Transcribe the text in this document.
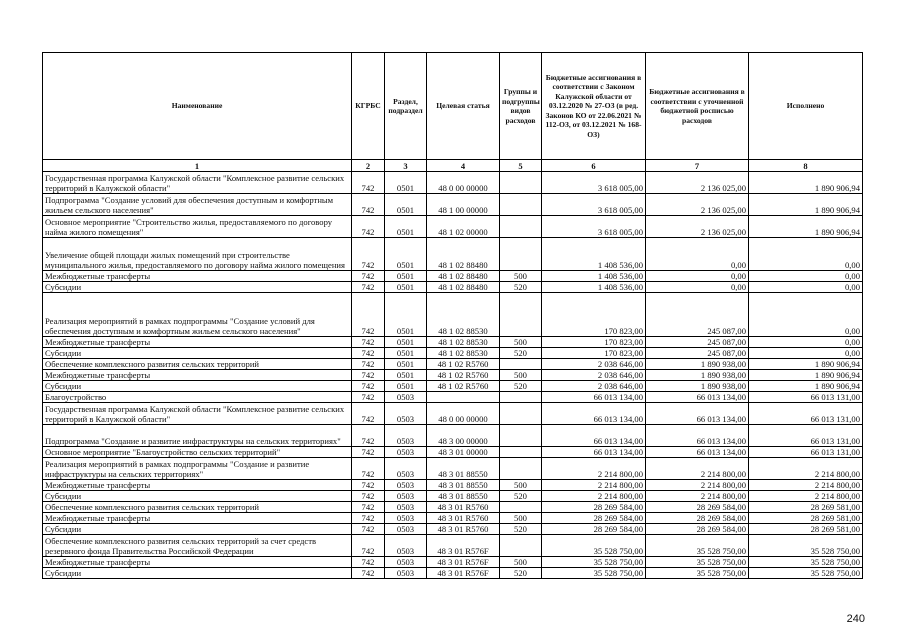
Наименование	КГРБС	Раздел, подраздел	Целевая статья	Группы и подгруппы видов расходов	Бюджетные ассигнования в соответствии с Законом Калужской области от 03.12.2020 № 27-ОЗ (в ред. Законов КО от 22.06.2021 № 112-ОЗ, от 03.12.2021 № 168-ОЗ)	Бюджетные ассигнования в соответствии с уточненной бюджетной росписью расходов	Исполнено
1	2	3	4	5	6	7	8
Государственная программа Калужской области "Комплексное развитие сельских территорий в Калужской области"	742	0501	48 0 00 00000		3 618 005,00	2 136 025,00	1 890 906,94
Подпрограмма "Создание условий для обеспечения доступным и комфортным жильем сельского населения"	742	0501	48 1 00 00000		3 618 005,00	2 136 025,00	1 890 906,94
Основное мероприятие "Строительство жилья, предоставляемого по договору найма жилого помещения"	742	0501	48 1 02 00000		3 618 005,00	2 136 025,00	1 890 906,94
Увеличение общей площади жилых помещений при строительстве муниципального жилья, предоставляемого по договору найма жилого помещения	742	0501	48 1 02 88480		1 408 536,00	0,00	0,00
Межбюджетные трансферты	742	0501	48 1 02 88480	500	1 408 536,00	0,00	0,00
Субсидии	742	0501	48 1 02 88480	520	1 408 536,00	0,00	0,00
Реализация мероприятий в рамках подпрограммы "Создание условий для обеспечения доступным и комфортным жильем сельского населения"	742	0501	48 1 02 88530		170 823,00	245 087,00	0,00
Межбюджетные трансферты	742	0501	48 1 02 88530	500	170 823,00	245 087,00	0,00
Субсидии	742	0501	48 1 02 88530	520	170 823,00	245 087,00	0,00
Обеспечение комплексного развития сельских территорий	742	0501	48 1 02 R5760		2 038 646,00	1 890 938,00	1 890 906,94
Межбюджетные трансферты	742	0501	48 1 02 R5760	500	2 038 646,00	1 890 938,00	1 890 906,94
Субсидии	742	0501	48 1 02 R5760	520	2 038 646,00	1 890 938,00	1 890 906,94
Благоустройство	742	0503			66 013 134,00	66 013 134,00	66 013 131,00
Государственная программа Калужской области "Комплексное развитие сельских территорий в Калужской области"	742	0503	48 0 00 00000		66 013 134,00	66 013 134,00	66 013 131,00
Подпрограмма "Создание и развитие инфраструктуры на сельских территориях"	742	0503	48 3 00 00000		66 013 134,00	66 013 134,00	66 013 131,00
Основное мероприятие "Благоустройство сельских территорий"	742	0503	48 3 01 00000		66 013 134,00	66 013 134,00	66 013 131,00
Реализация мероприятий в рамках подпрограммы "Создание и развитие инфраструктуры на сельских территориях"	742	0503	48 3 01 88550		2 214 800,00	2 214 800,00	2 214 800,00
Межбюджетные трансферты	742	0503	48 3 01 88550	500	2 214 800,00	2 214 800,00	2 214 800,00
Субсидии	742	0503	48 3 01 88550	520	2 214 800,00	2 214 800,00	2 214 800,00
Обеспечение комплексного развития сельских территорий	742	0503	48 3 01 R5760		28 269 584,00	28 269 584,00	28 269 581,00
Межбюджетные трансферты	742	0503	48 3 01 R5760	500	28 269 584,00	28 269 584,00	28 269 581,00
Субсидии	742	0503	48 3 01 R5760	520	28 269 584,00	28 269 584,00	28 269 581,00
Обеспечение комплексного развития сельских территорий за счет средств резервного фонда Правительства Российской Федерации	742	0503	48 3 01 R576F		35 528 750,00	35 528 750,00	35 528 750,00
Межбюджетные трансферты	742	0503	48 3 01 R576F	500	35 528 750,00	35 528 750,00	35 528 750,00
Субсидии	742	0503	48 3 01 R576F	520	35 528 750,00	35 528 750,00	35 528 750,00
240
